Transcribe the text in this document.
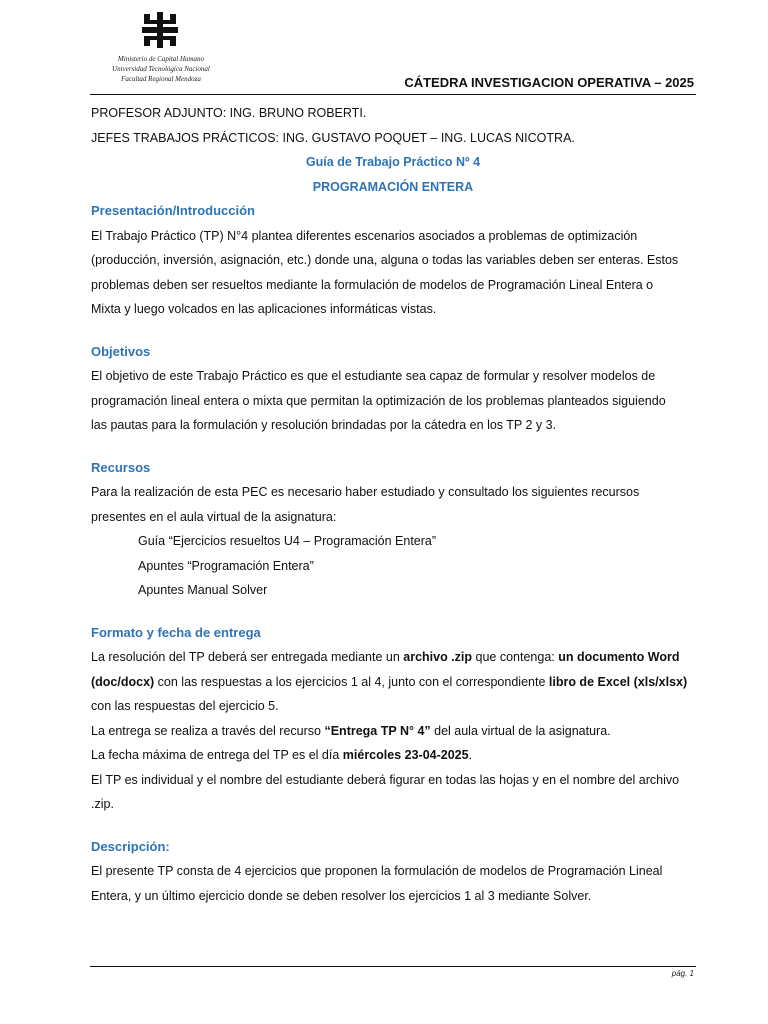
Ministerio de Capital Humano
Universidad Tecnológica Nacional
Facultad Regional Mendoza	CÁTEDRA INVESTIGACION OPERATIVA – 2025
PROFESOR ADJUNTO: ING. BRUNO ROBERTI.
JEFES TRABAJOS PRÁCTICOS: ING. GUSTAVO POQUET – ING. LUCAS NICOTRA.
Guía de Trabajo Práctico Nº 4
PROGRAMACIÓN ENTERA
Presentación/Introducción
El Trabajo Práctico (TP) N°4 plantea diferentes escenarios asociados a problemas de optimización
(producción, inversión, asignación, etc.) donde una, alguna o todas las variables deben ser enteras. Estos
problemas deben ser resueltos mediante la formulación de modelos de Programación Lineal Entera o
Mixta y luego volcados en las aplicaciones informáticas vistas.
Objetivos
El objetivo de este Trabajo Práctico es que el estudiante sea capaz de formular y resolver modelos de
programación lineal entera o mixta que permitan la optimización de los problemas planteados siguiendo
las pautas para la formulación y resolución brindadas por la cátedra en los TP 2 y 3.
Recursos
Para la realización de esta PEC es necesario haber estudiado y consultado los siguientes recursos
presentes en el aula virtual de la asignatura:
Guía “Ejercicios resueltos U4 – Programación Entera”
Apuntes “Programación Entera”
Apuntes Manual Solver
Formato y fecha de entrega
La resolución del TP deberá ser entregada mediante un archivo .zip que contenga: un documento Word
(doc/docx) con las respuestas a los ejercicios 1 al 4, junto con el correspondiente libro de Excel (xls/xlsx)
con las respuestas del ejercicio 5.
La entrega se realiza a través del recurso “Entrega TP N° 4” del aula virtual de la asignatura.
La fecha máxima de entrega del TP es el día miércoles 23-04-2025.
El TP es individual y el nombre del estudiante deberá figurar en todas las hojas y en el nombre del archivo
.zip.
Descripción:
El presente TP consta de 4 ejercicios que proponen la formulación de modelos de Programación Lineal
Entera, y un último ejercicio donde se deben resolver los ejercicios 1 al 3 mediante Solver.
pág. 1
